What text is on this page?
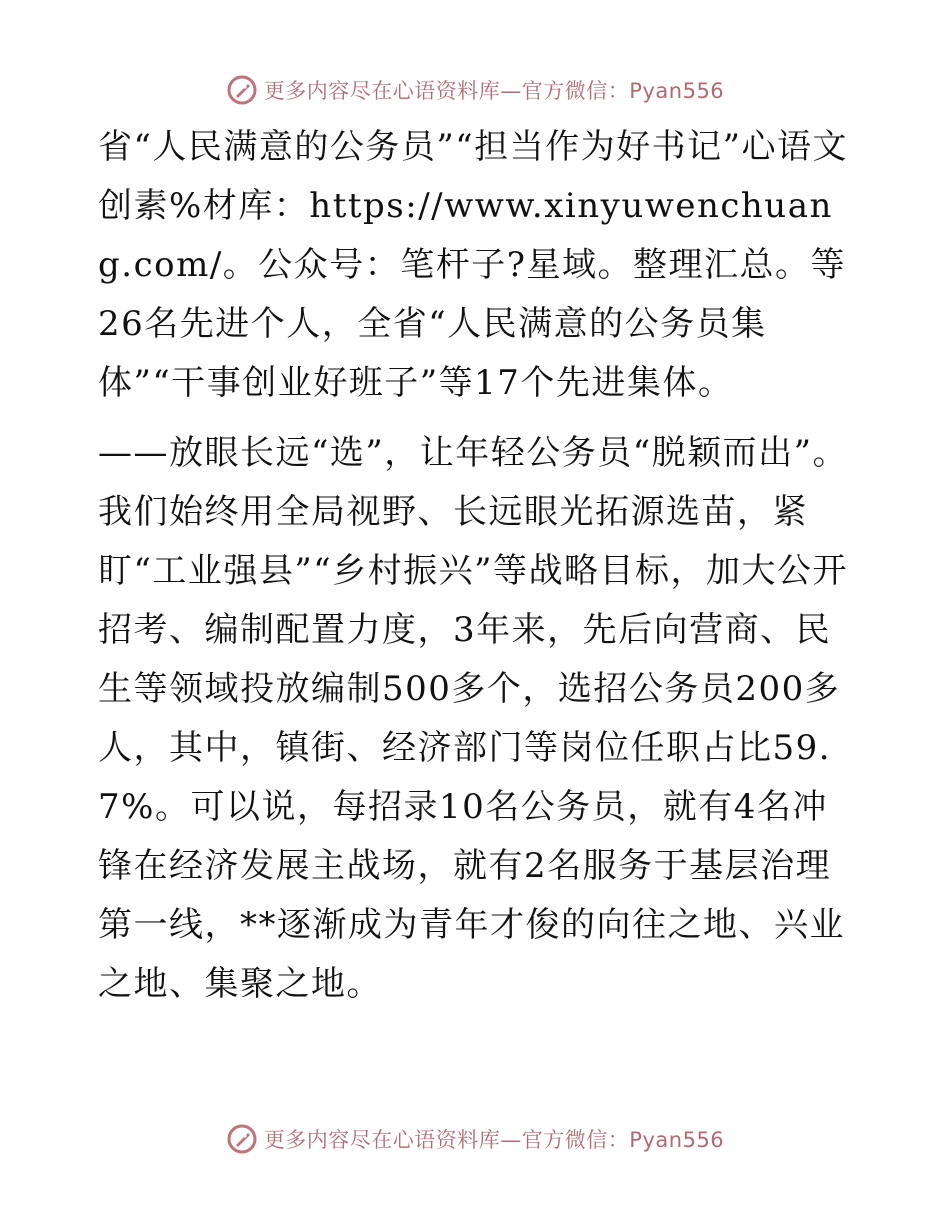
更多内容尽在心语资料库—官方微信：Pyan556

省“人民满意的公务员”“担当作为好书记”心语文创素%材库：https://www.xinyuwenchuang.com/。公众号：笔杆子?星域。整理汇总。等26名先进个人，全省“人民满意的公务员集体”“干事创业好班子”等17个先进集体。

——放眼长远“选”，让年轻公务员“脱颖而出”。我们始终用全局视野、长远眼光拓源选苗，紧盯“工业强县”“乡村振兴”等战略目标，加大公开招考、编制配置力度，3年来，先后向营商、民生等领域投放编制500多个，选招公务员200多人，其中，镇街、经济部门等岗位任职占比59.7%。可以说，每招录10名公务员，就有4名冲锋在经济发展主战场，就有2名服务于基层治理第一线，**逐渐成为青年才俊的向往之地、兴业之地、集聚之地。

更多内容尽在心语资料库—官方微信：Pyan556
